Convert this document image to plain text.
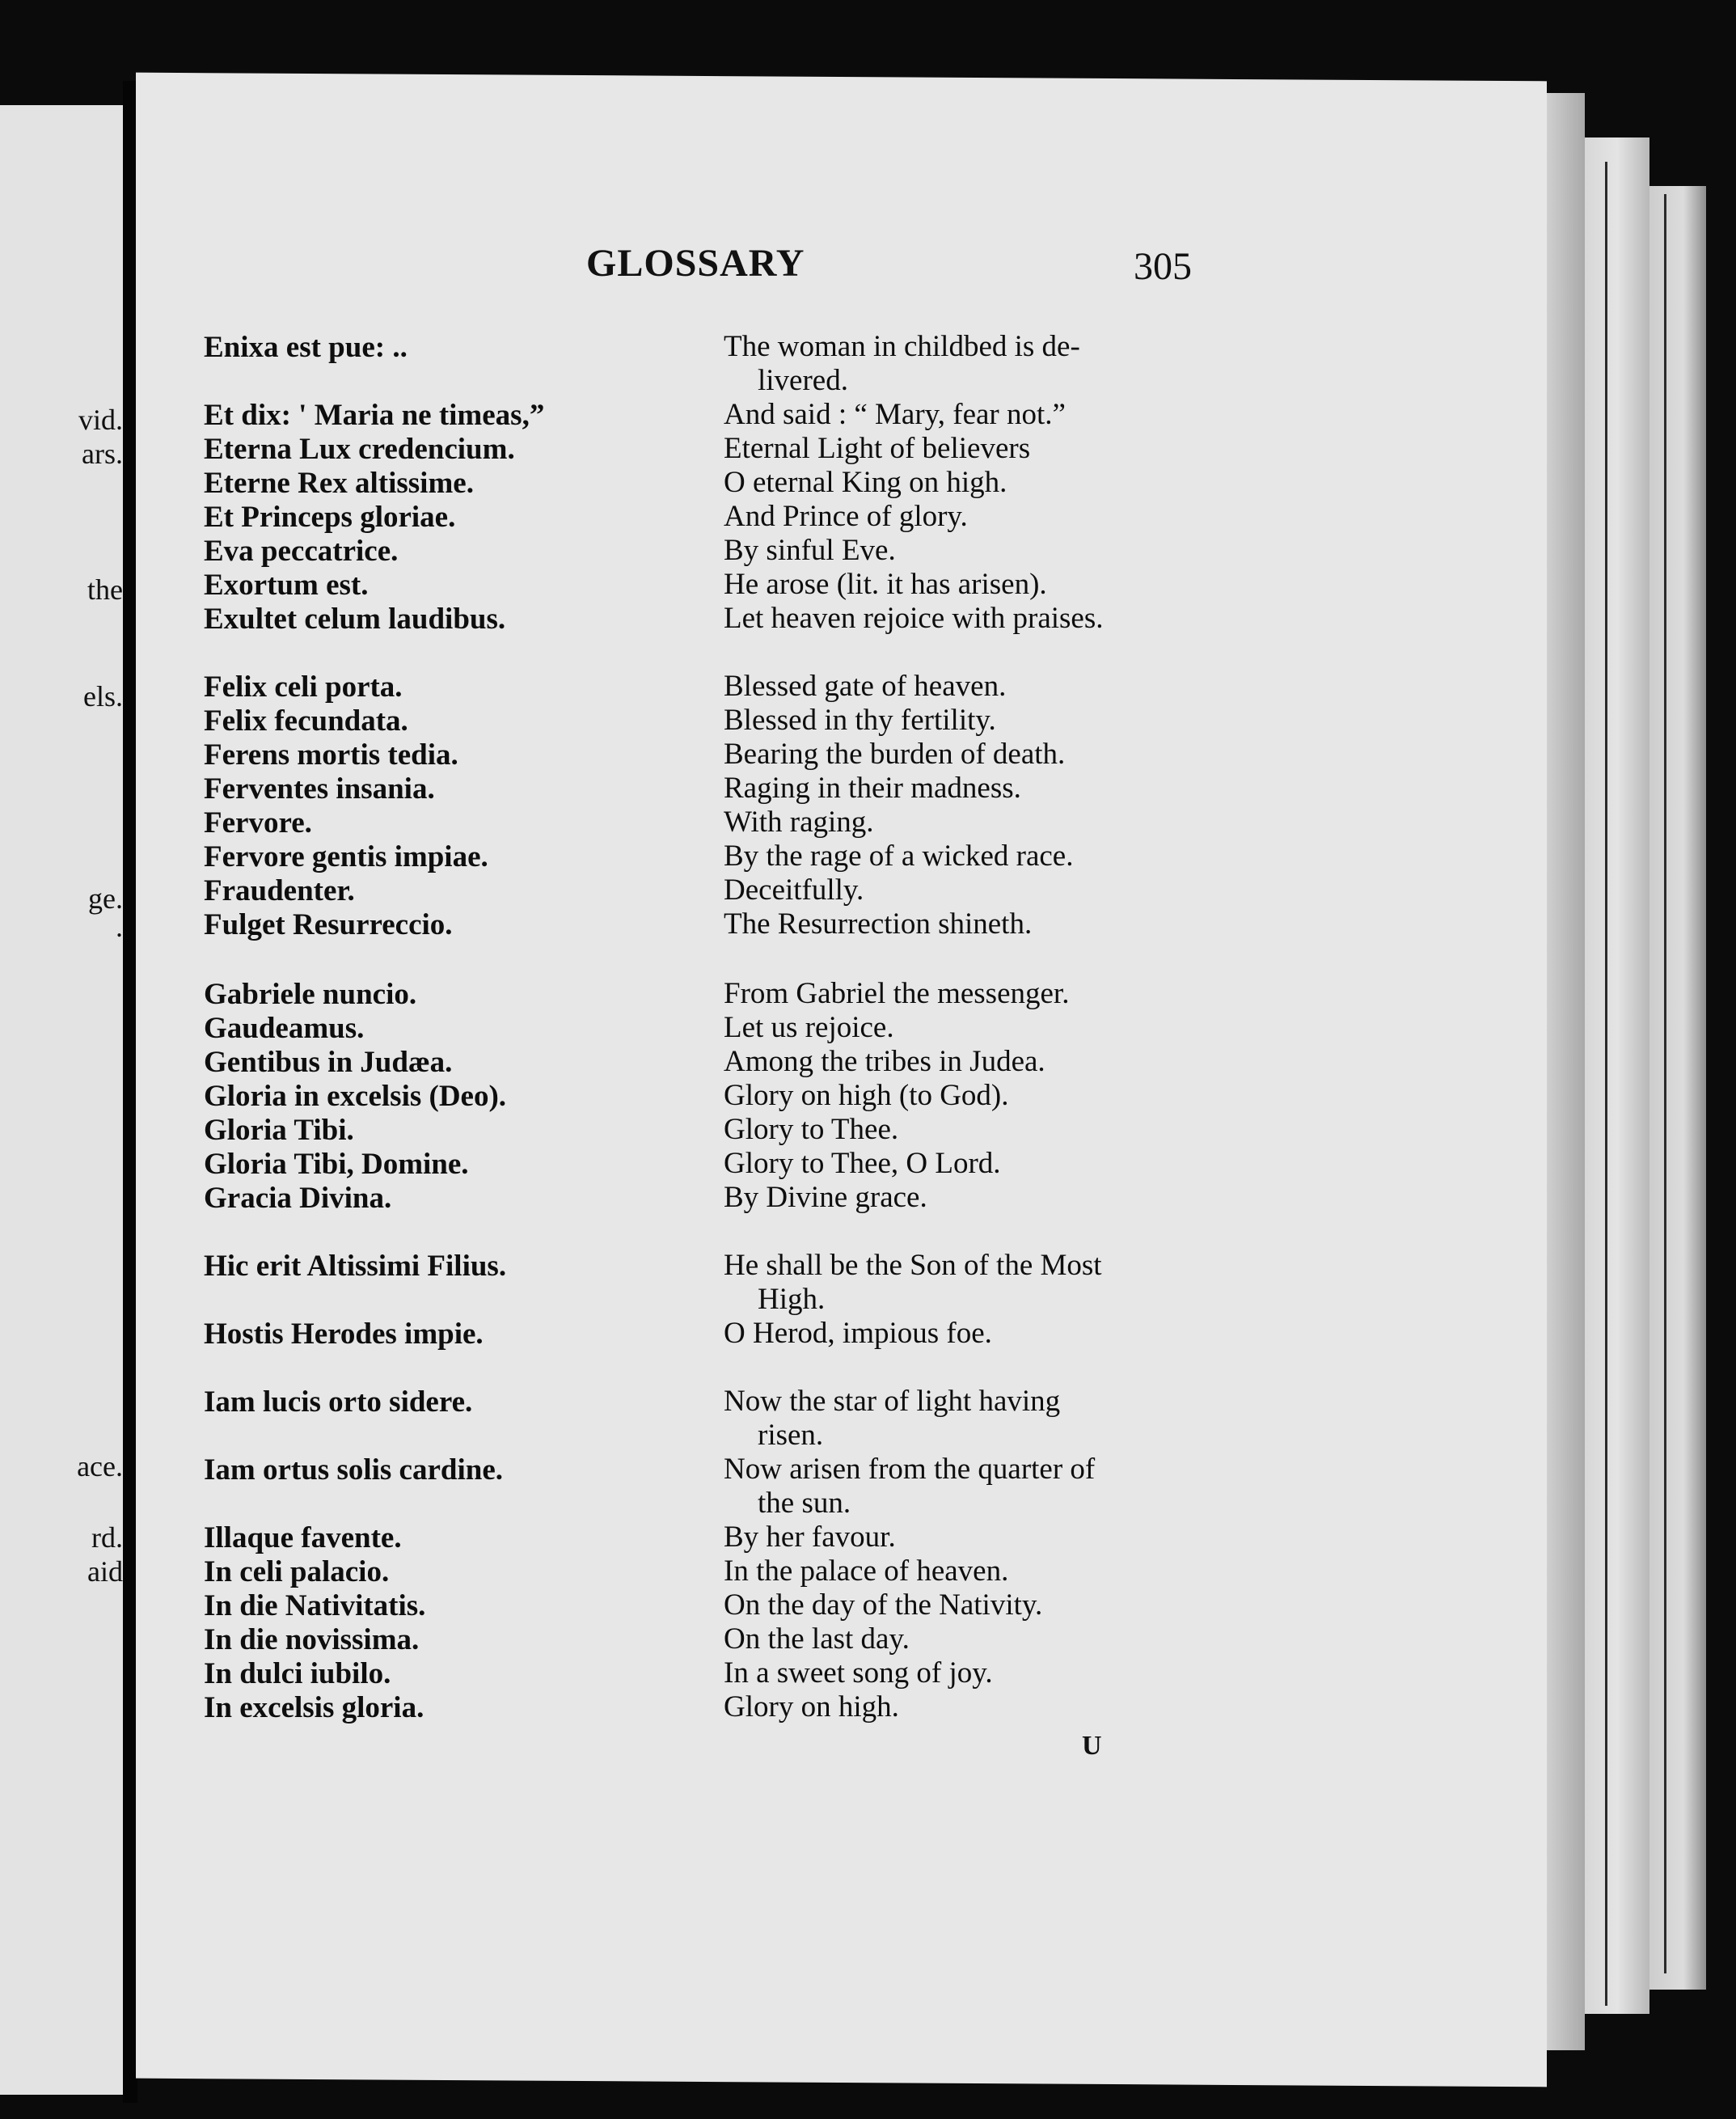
vid.
ars.
the
els.
ge.
.
ace.
rd.
aid
GLOSSARY	305
Enixa est pue: ..	The woman in childbed is de-
livered.
Et dix: ' Maria ne timeas,”	And said : “ Mary, fear not.”
Eterna Lux credencium.	Eternal Light of believers
Eterne Rex altissime.	O eternal King on high.
Et Princeps gloriae.	And Prince of glory.
Eva peccatrice.	By sinful Eve.
Exortum est.	He arose (lit. it has arisen).
Exultet celum laudibus.	Let heaven rejoice with praises.
Felix celi porta.	Blessed gate of heaven.
Felix fecundata.	Blessed in thy fertility.
Ferens mortis tedia.	Bearing the burden of death.
Ferventes insania.	Raging in their madness.
Fervore.	With raging.
Fervore gentis impiae.	By the rage of a wicked race.
Fraudenter.	Deceitfully.
Fulget Resurreccio.	The Resurrection shineth.
Gabriele nuncio.	From Gabriel the messenger.
Gaudeamus.	Let us rejoice.
Gentibus in Judæa.	Among the tribes in Judea.
Gloria in excelsis (Deo).	Glory on high (to God).
Gloria Tibi.	Glory to Thee.
Gloria Tibi, Domine.	Glory to Thee, O Lord.
Gracia Divina.	By Divine grace.
Hic erit Altissimi Filius.	He shall be the Son of the Most
High.
Hostis Herodes impie.	O Herod, impious foe.
Iam lucis orto sidere.	Now the star of light having
risen.
Iam ortus solis cardine.	Now arisen from the quarter of
the sun.
Illaque favente.	By her favour.
In celi palacio.	In the palace of heaven.
In die Nativitatis.	On the day of the Nativity.
In die novissima.	On the last day.
In dulci iubilo.	In a sweet song of joy.
In excelsis gloria.	Glory on high.
U
